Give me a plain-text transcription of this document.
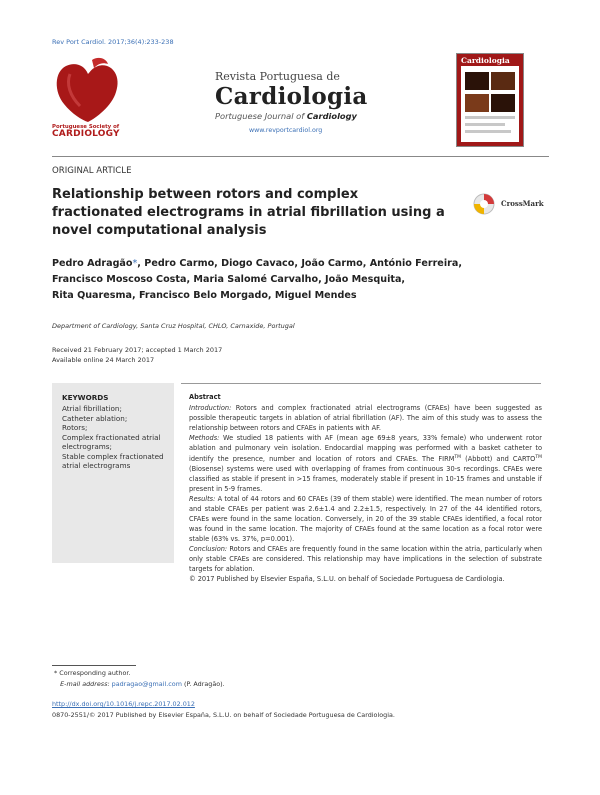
Rev Port Cardiol. 2017;36(4):233-238
Portuguese Society of
CARDIOLOGY
Revista Portuguesa de
Cardiologia
Portuguese Journal of Cardiology
www.revportcardiol.org
Cardiologia
ORIGINAL ARTICLE
Relationship between rotors and complex fractionated electrograms in atrial fibrillation using a novel computational analysis
CrossMark
Pedro Adragão*, Pedro Carmo, Diogo Cavaco, João Carmo, António Ferreira,
Francisco Moscoso Costa, Maria Salomé Carvalho, João Mesquita,
Rita Quaresma, Francisco Belo Morgado, Miguel Mendes
Department of Cardiology, Santa Cruz Hospital, CHLO, Carnaxide, Portugal
Received 21 February 2017; accepted 1 March 2017
Available online 24 March 2017
KEYWORDS
Atrial fibrillation;
Catheter ablation;
Rotors;
Complex fractionated atrial electrograms;
Stable complex fractionated atrial electrograms
Abstract

Introduction: Rotors and complex fractionated atrial electrograms (CFAEs) have been suggested as possible therapeutic targets in ablation of atrial fibrillation (AF). The aim of this study was to assess the relationship between rotors and CFAEs in patients with AF.

Methods: We studied 18 patients with AF (mean age 69±8 years, 33% female) who underwent rotor ablation and pulmonary vein isolation. Endocardial mapping was performed with a basket catheter to identify the presence, number and location of rotors and CFAEs. The FIRM™ (Abbott) and CARTO™ (Biosense) systems were used with overlapping of frames from continuous 30-s recordings. CFAEs were classified as stable if present in >15 frames, moderately stable if present in 10-15 frames and unstable if present in 5-9 frames.

Results: A total of 44 rotors and 60 CFAEs (39 of them stable) were identified. The mean number of rotors and stable CFAEs per patient was 2.6±1.4 and 2.2±1.5, respectively. In 27 of the 44 identified rotors, CFAEs were found in the same location. Conversely, in 20 of the 39 stable CFAEs identified, a focal rotor was found in the same location. The majority of CFAEs found at the same location as a focal rotor were stable (63% vs. 37%, p=0.001).

Conclusion: Rotors and CFAEs are frequently found in the same location within the atria, particularly when only stable CFAEs are considered. This relationship may have implications in the selection of substrate targets for ablation.

© 2017 Published by Elsevier España, S.L.U. on behalf of Sociedade Portuguesa de Cardiologia.

* Corresponding author.
E-mail address: padragao@gmail.com (P. Adragão).
http://dx.doi.org/10.1016/j.repc.2017.02.012
0870-2551/© 2017 Published by Elsevier España, S.L.U. on behalf of Sociedade Portuguesa de Cardiologia.
